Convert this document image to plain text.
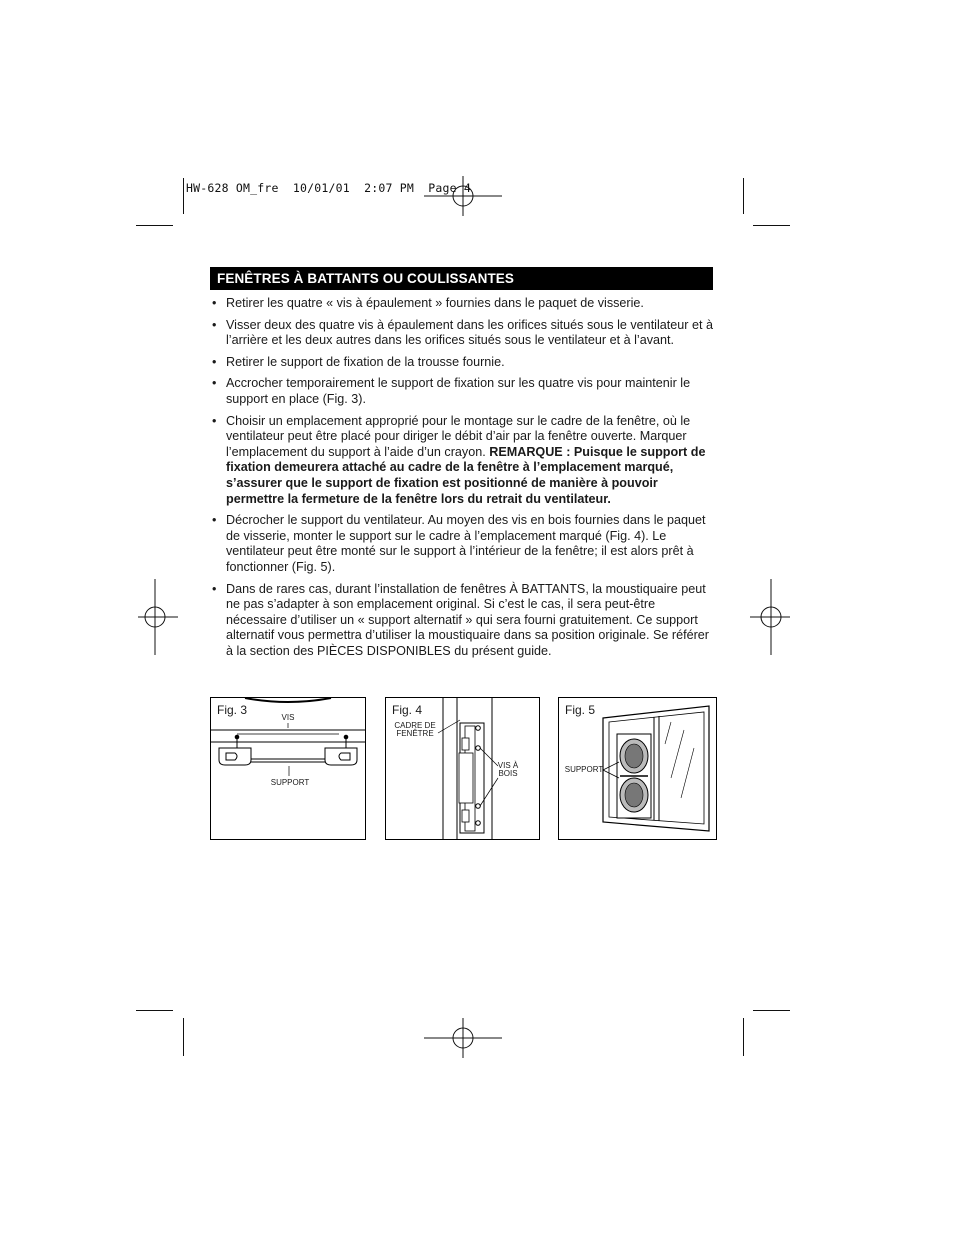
HW-628 OM_fre  10/01/01  2:07 PM  Page 4
FENÊTRES À BATTANTS OU COULISSANTES
• Retirer les quatre « vis à épaulement » fournies dans le paquet de visserie.
• Visser deux des quatre vis à épaulement dans les orifices situés sous le ventilateur et à l’arrière et les deux autres dans les orifices situés sous le ventilateur et à l’avant.
• Retirer le support de fixation de la trousse fournie.
• Accrocher temporairement le support de fixation sur les quatre vis pour maintenir le support en place (Fig. 3).
• Choisir un emplacement approprié pour le montage sur le cadre de la fenêtre, où le ventilateur peut être placé pour diriger le débit d’air par la fenêtre ouverte. Marquer l’emplacement du support à l’aide d’un crayon. REMARQUE : Puisque le support de fixation demeurera attaché au cadre de la fenêtre à l’emplacement marqué, s’assurer que le support de fixation est positionné de manière à pouvoir permettre la fermeture de la fenêtre lors du retrait du ventilateur.
• Décrocher le support du ventilateur. Au moyen des vis en bois fournies dans le paquet de visserie, monter le support sur le cadre à l’emplacement marqué (Fig. 4). Le ventilateur peut être monté sur le support à l’intérieur de la fenêtre; il est alors prêt à fonctionner (Fig. 5).
• Dans de rares cas, durant l’installation de fenêtres À BATTANTS, la moustiquaire peut ne pas s’adapter à son emplacement original. Si c’est le cas, il sera peut-être nécessaire d’utiliser un « support alternatif » qui sera fourni gratuitement. Ce support alternatif vous permettra d’utiliser la moustiquaire dans sa position originale. Se référer à la section des PIÈCES DISPONIBLES du présent guide.
Fig. 3
VIS
SUPPORT
Fig. 4
CADRE DE
FENÊTRE
VIS À
BOIS
Fig. 5
SUPPORT
